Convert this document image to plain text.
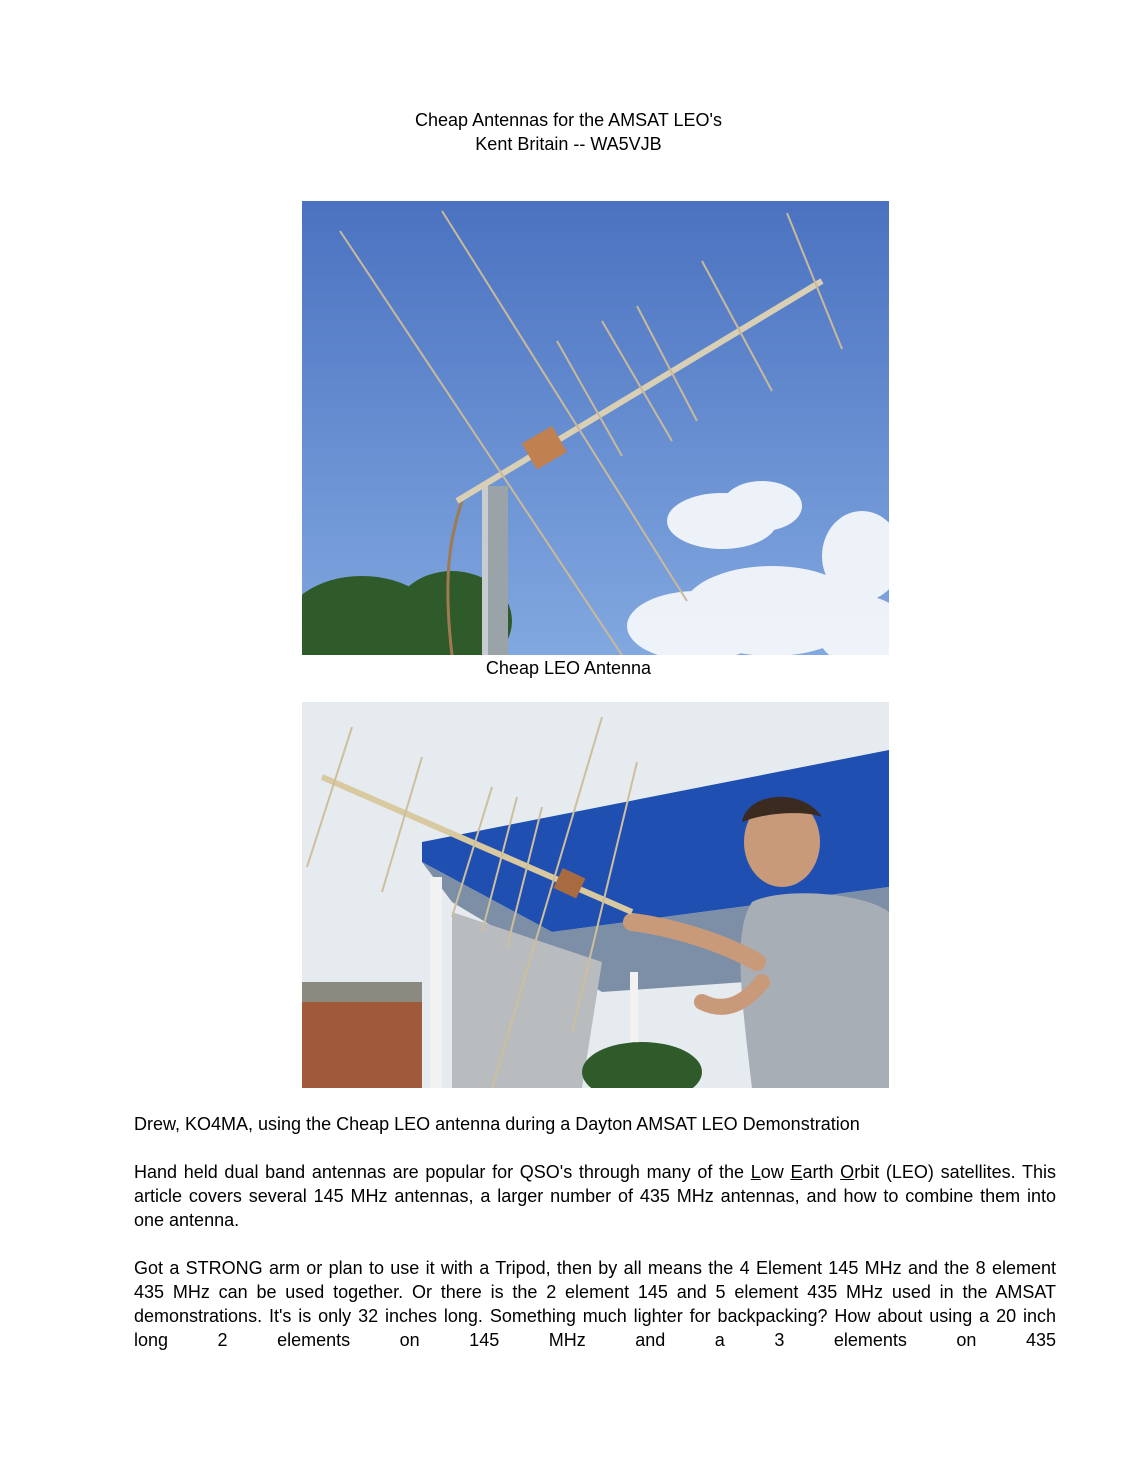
Cheap Antennas for the AMSAT LEO's
Kent Britain -- WA5VJB
Cheap LEO Antenna
Drew, KO4MA, using the Cheap LEO antenna during a Dayton AMSAT LEO Demonstration
Hand held dual band antennas are popular for QSO's through many of the Low Earth Orbit (LEO) satellites. This article covers several 145 MHz antennas, a larger number of 435 MHz antennas, and how to combine them into one antenna.
Got a STRONG arm or plan to use it with a Tripod, then by all means the 4 Element 145 MHz and the 8 element 435 MHz can be used together. Or there is the 2 element 145 and 5 element 435 MHz used in the AMSAT demonstrations. It's is only 32 inches long. Something much lighter for backpacking? How about using a 20 inch long 2 elements on 145 MHz and a 3 elements on 435
